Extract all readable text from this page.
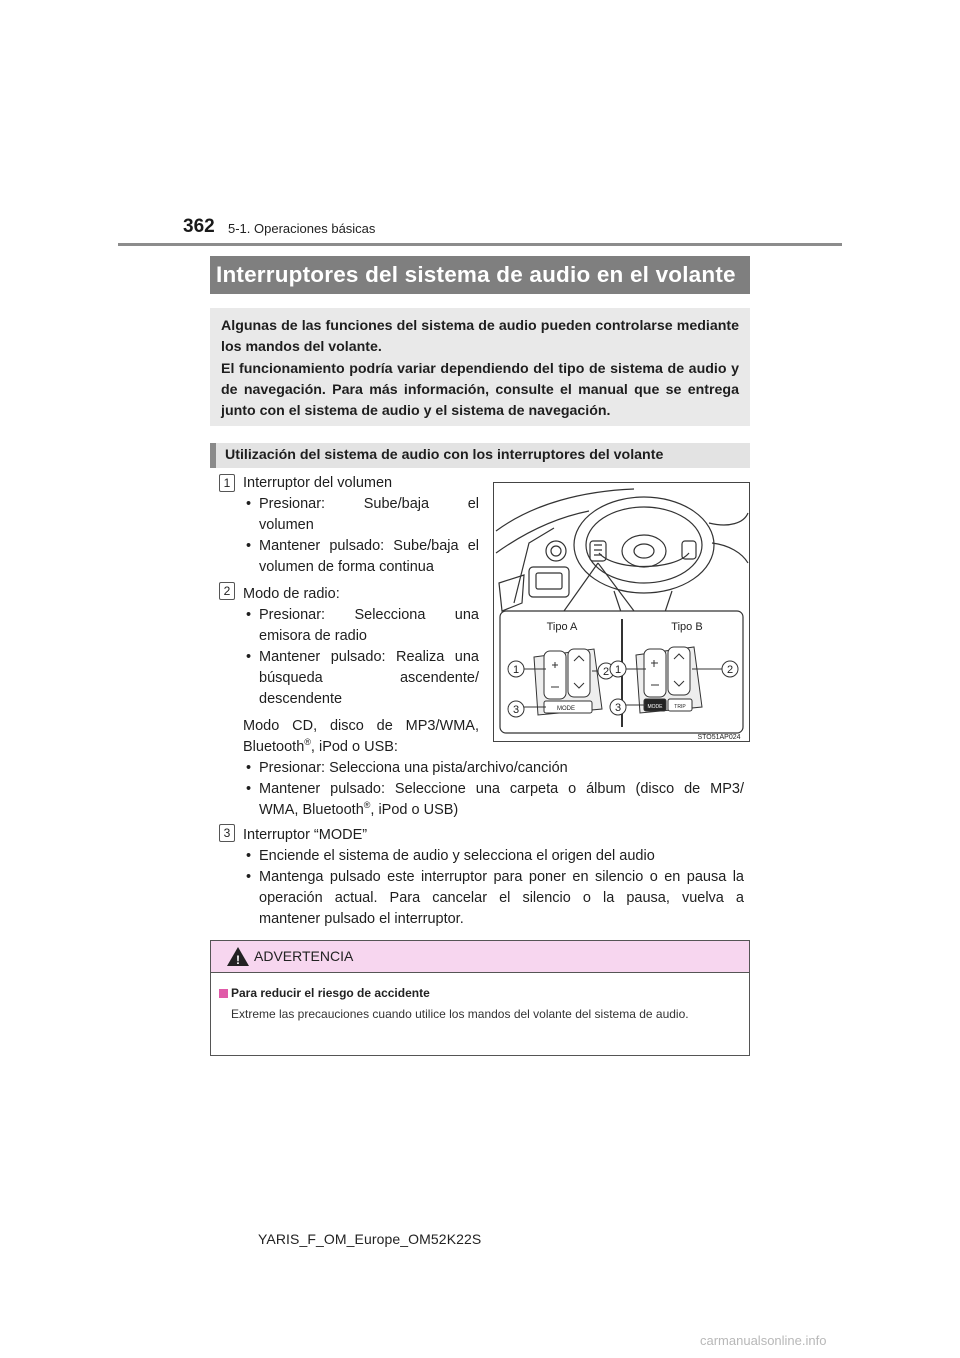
362 5-1. Operaciones básicas
Interruptores del sistema de audio en el volante

Algunas de las funciones del sistema de audio pueden controlarse mediante los mandos del volante.

El funcionamiento podría variar dependiendo del tipo de sistema de audio y de navegación. Para más información, consulte el manual que se entrega junto con el sistema de audio y el sistema de navegación.

Utilización del sistema de audio con los interruptores del volante
1 Interruptor del volumen
• Presionar: Sube/baja el
volumen
• Mantener pulsado: Sube/baja el
volumen de forma continua
2 Modo de radio:
• Presionar: Selecciona una
emisora de radio
• Mantener pulsado: Realiza una
búsqueda ascendente/
descendente
Modo CD, disco de MP3/WMA,
Bluetooth®, iPod o USB:
• Presionar: Selecciona una pista/archivo/canción
• Mantener pulsado: Seleccione una carpeta o álbum (disco de MP3/
WMA, Bluetooth®, iPod o USB)
3 Interruptor “MODE”
• Enciende el sistema de audio y selecciona el origen del audio
• Mantenga pulsado este interruptor para poner en silencio o en pausa la
operación actual. Para cancelar el silencio o la pausa, vuelva a
mantener pulsado el interruptor.
1	2
3
1	2
3
Tipo A	Tipo B
MODE	MODE TRIP
STO51AP024
! ADVERTENCIA
Para reducir el riesgo de accidente
Extreme las precauciones cuando utilice los mandos del volante del sistema de audio.
YARIS_F_OM_Europe_OM52K22S
carmanualsonline.info
